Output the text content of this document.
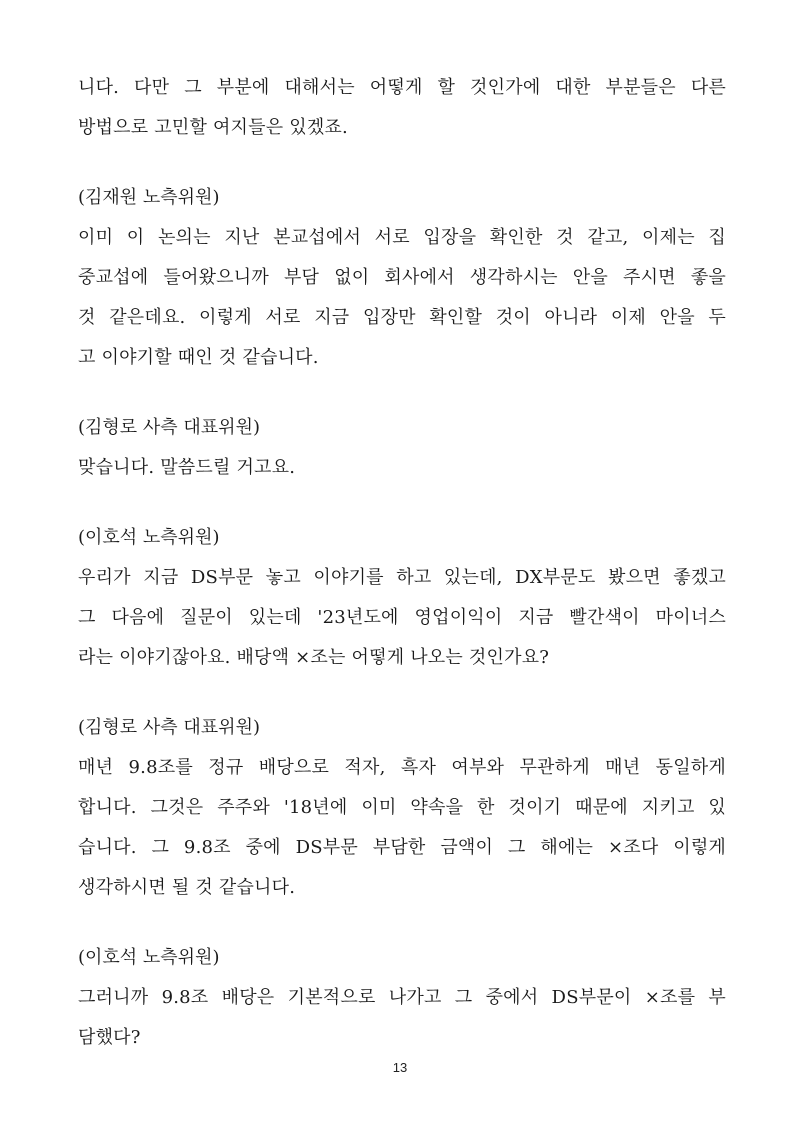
니다. 다만 그 부분에 대해서는 어떻게 할 것인가에 대한 부분들은 다른
방법으로 고민할 여지들은 있겠죠.
(김재원 노측위원)
이미 이 논의는 지난 본교섭에서 서로 입장을 확인한 것 같고, 이제는 집
중교섭에 들어왔으니까 부담 없이 회사에서 생각하시는 안을 주시면 좋을
것 같은데요. 이렇게 서로 지금 입장만 확인할 것이 아니라 이제 안을 두
고 이야기할 때인 것 같습니다.
(김형로 사측 대표위원)
맞습니다. 말씀드릴 거고요.
(이호석 노측위원)
우리가 지금 DS부문 놓고 이야기를 하고 있는데, DX부문도 봤으면 좋겠고
그 다음에 질문이 있는데 '23년도에 영업이익이 지금 빨간색이 마이너스
라는 이야기잖아요. 배당액 ×조는 어떻게 나오는 것인가요?
(김형로 사측 대표위원)
매년 9.8조를 정규 배당으로 적자, 흑자 여부와 무관하게 매년 동일하게
합니다. 그것은 주주와 '18년에 이미 약속을 한 것이기 때문에 지키고 있
습니다. 그 9.8조 중에 DS부문 부담한 금액이 그 해에는 ×조다 이렇게
생각하시면 될 것 같습니다.
(이호석 노측위원)
그러니까 9.8조 배당은 기본적으로 나가고 그 중에서 DS부문이 ×조를 부
담했다?
13
